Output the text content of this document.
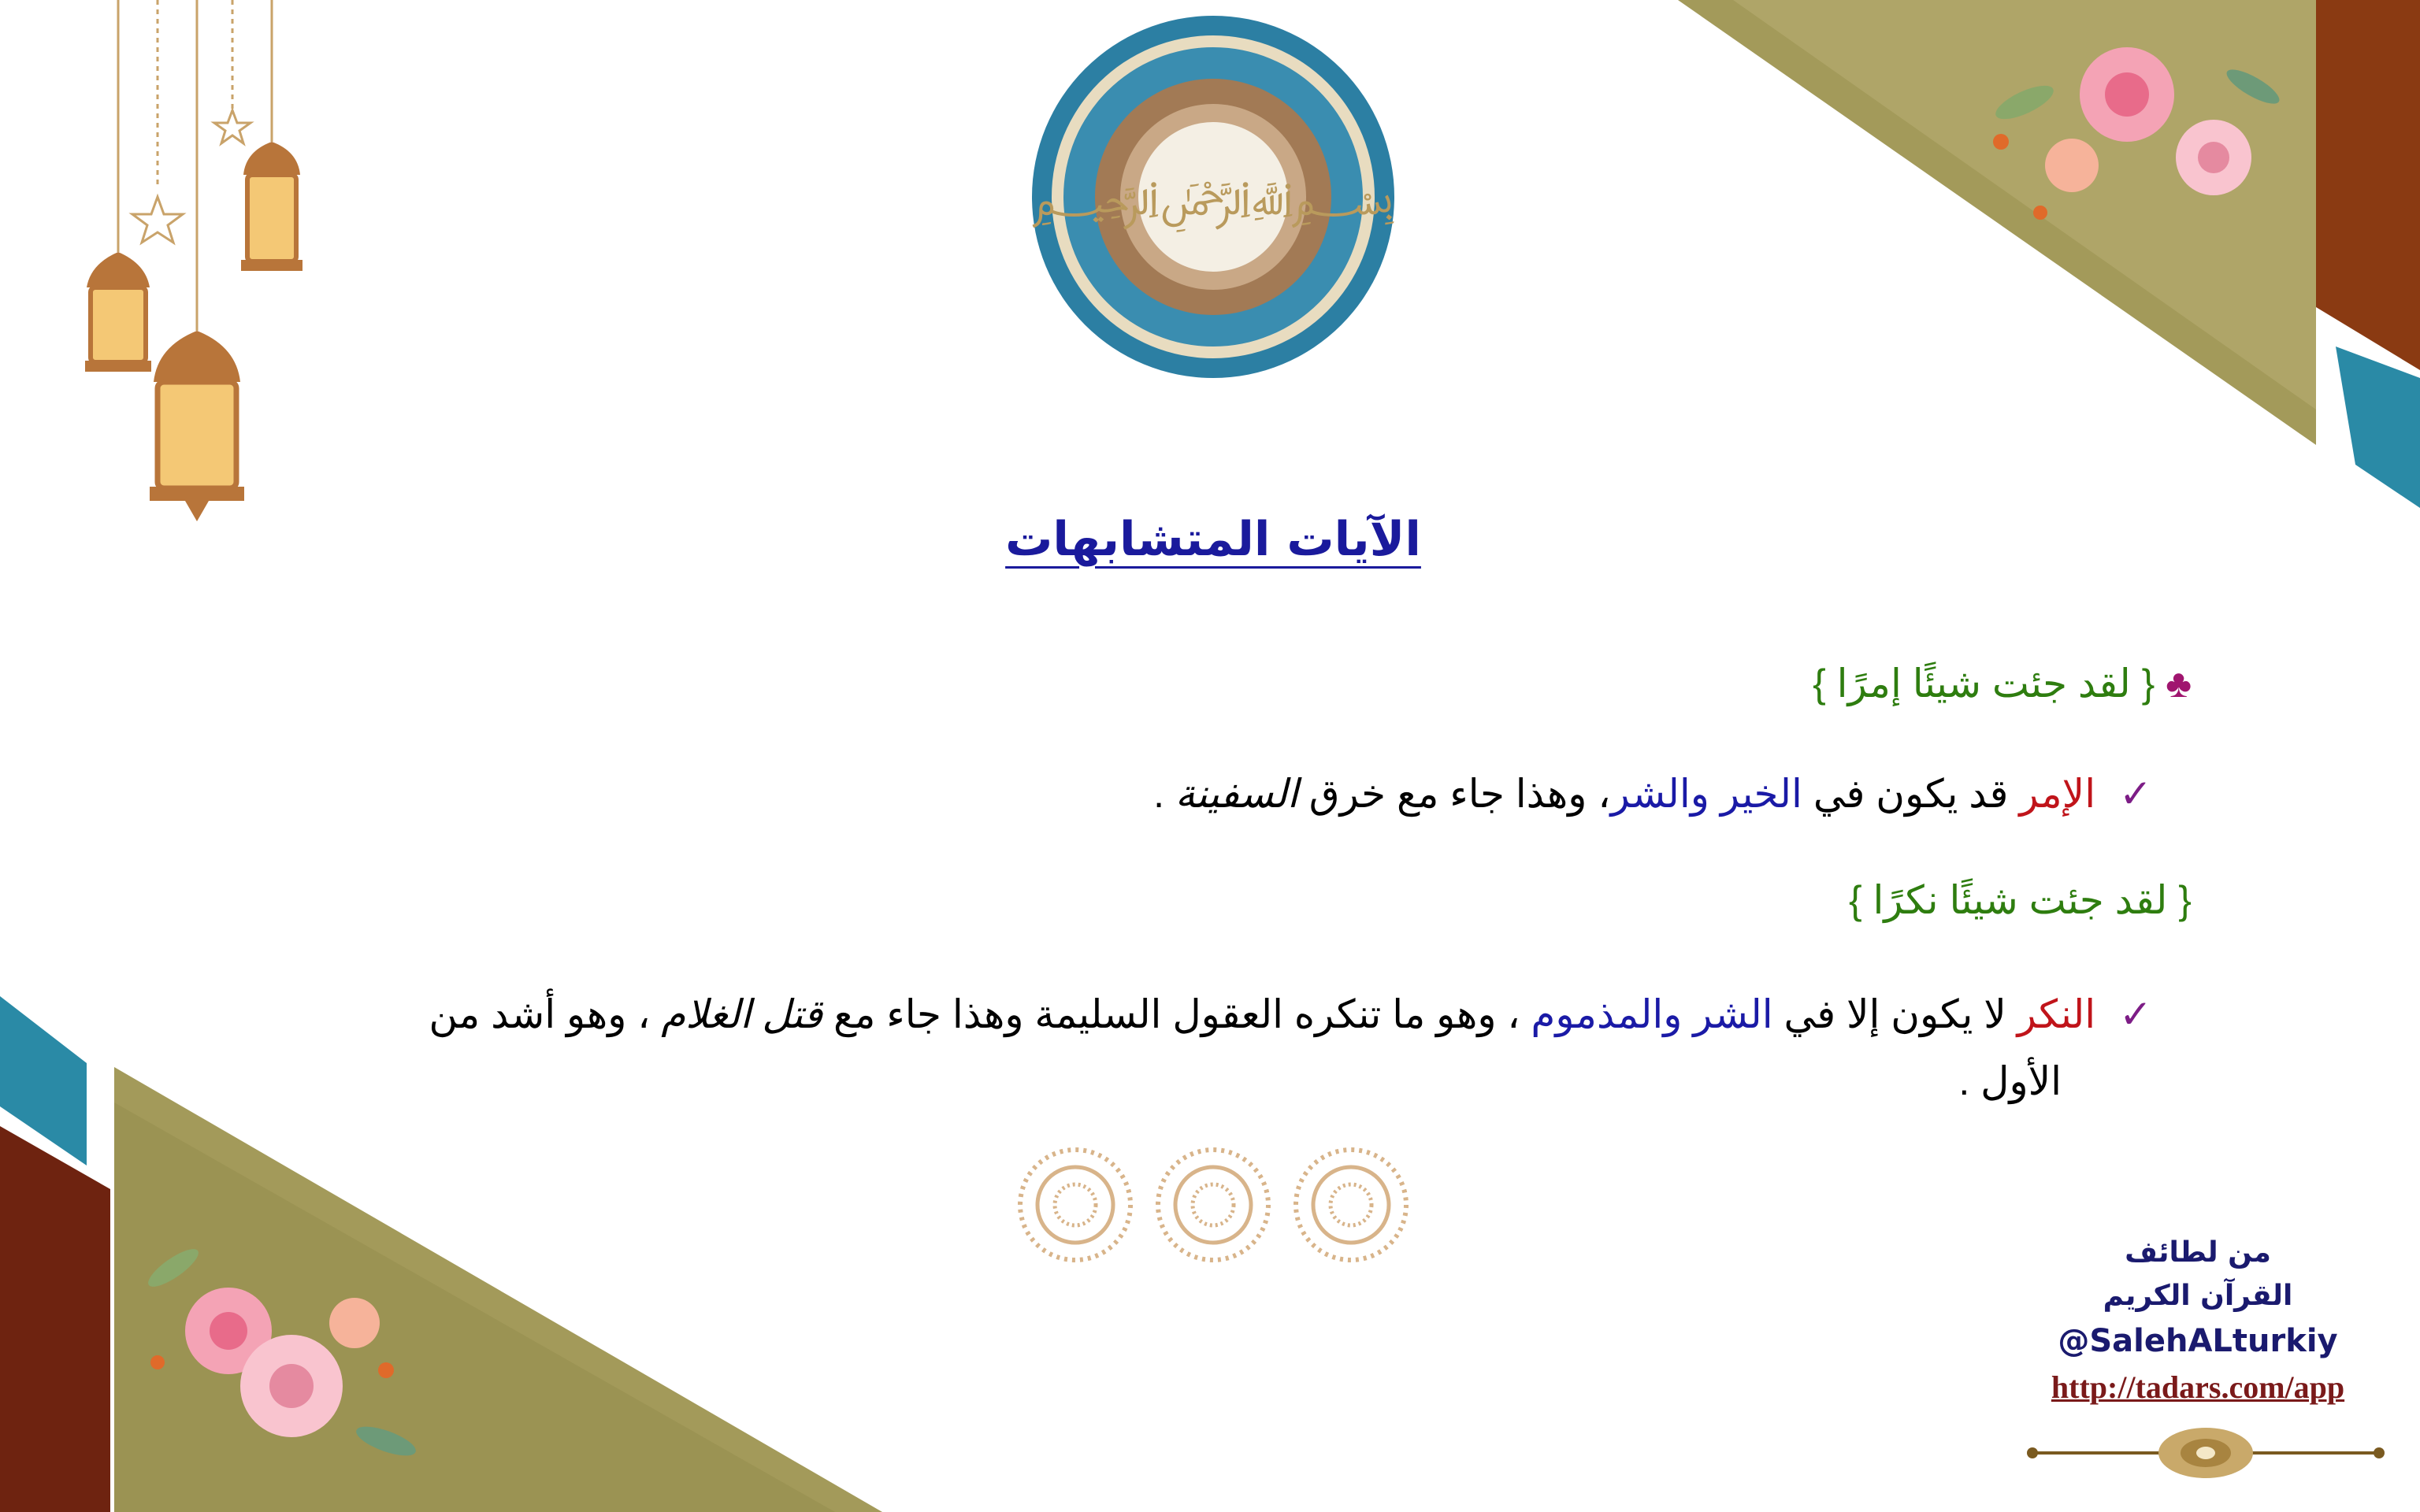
﷽
الآيات المتشابهات
♣ { لقد جئت شيئًا إمرًا }
✓الإمر قد يكون في الخير والشر، وهذا جاء مع خرق السفينة .
{ لقد جئت شيئًا نكرًا }
✓النكر لا يكون إلا في الشر والمذموم ، وهو ما تنكره العقول السليمة وهذا جاء مع قتل الغلام ، وهو أشد من
الأول .
من لطائف
القرآن الكريم
@SalehALturkiy
http://tadars.com/app
